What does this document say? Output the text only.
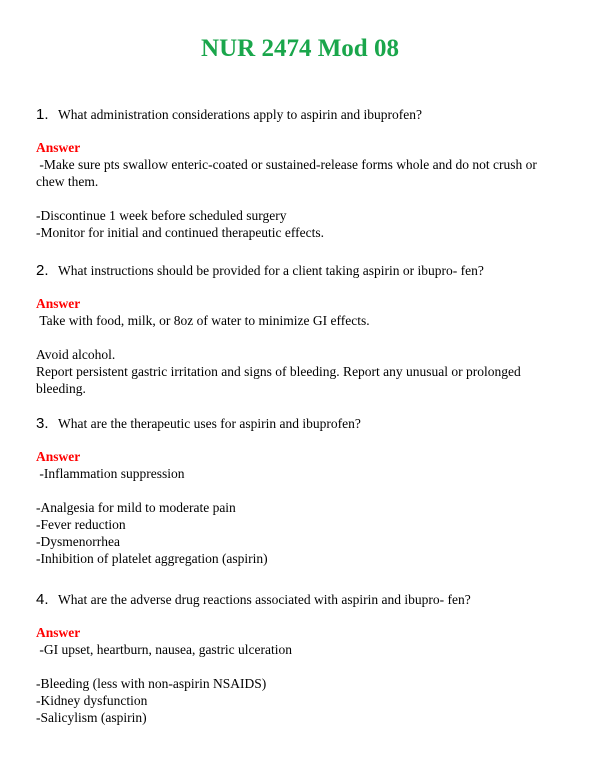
NUR 2474 Mod 08
1. What administration considerations apply to aspirin and ibuprofen?
Answer
-Make sure pts swallow enteric-coated or sustained-release forms whole and do not crush or chew them.
-Discontinue 1 week before scheduled surgery
-Monitor for initial and continued therapeutic effects.
2. What instructions should be provided for a client taking aspirin or ibupro- fen?
Answer
Take with food, milk, or 8oz of water to minimize GI effects.
Avoid alcohol.
Report persistent gastric irritation and signs of bleeding. Report any unusual or prolonged bleeding.
3. What are the therapeutic uses for aspirin and ibuprofen?
Answer
-Inflammation suppression
-Analgesia for mild to moderate pain
-Fever reduction
-Dysmenorrhea
-Inhibition of platelet aggregation (aspirin)
4. What are the adverse drug reactions associated with aspirin and ibupro- fen?
Answer
-GI upset, heartburn, nausea, gastric ulceration
-Bleeding (less with non-aspirin NSAIDS)
-Kidney dysfunction
-Salicylism (aspirin)
